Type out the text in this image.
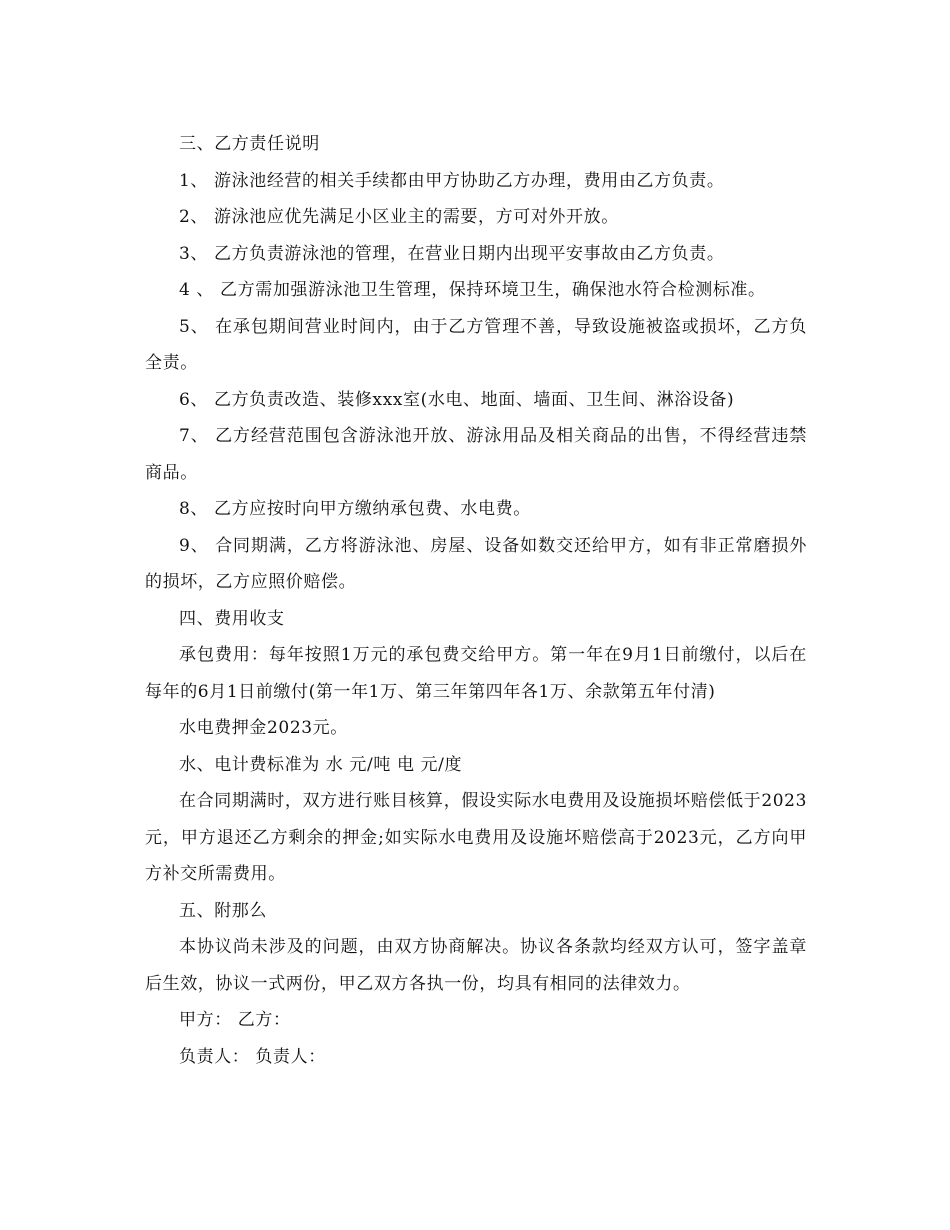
三、乙方责任说明

1、 游泳池经营的相关手续都由甲方协助乙方办理，费用由乙方负责。

2、 游泳池应优先满足小区业主的需要，方可对外开放。

3、 乙方负责游泳池的管理，在营业日期内出现平安事故由乙方负责。

4 、 乙方需加强游泳池卫生管理，保持环境卫生，确保池水符合检测标准。

5、 在承包期间营业时间内，由于乙方管理不善，导致设施被盗或损坏，乙方负全责。

6、 乙方负责改造、装修xxx室(水电、地面、墙面、卫生间、淋浴设备)

7、 乙方经营范围包含游泳池开放、游泳用品及相关商品的出售，不得经营违禁商品。

8、 乙方应按时向甲方缴纳承包费、水电费。

9、 合同期满，乙方将游泳池、房屋、设备如数交还给甲方，如有非正常磨损外的损坏，乙方应照价赔偿。

四、费用收支

承包费用：每年按照1万元的承包费交给甲方。第一年在9月1日前缴付，以后在每年的6月1日前缴付(第一年1万、第三年第四年各1万、余款第五年付清)

水电费押金2023元。

水、电计费标准为 水 元/吨 电 元/度

在合同期满时，双方进行账目核算，假设实际水电费用及设施损坏赔偿低于2023元，甲方退还乙方剩余的押金;如实际水电费用及设施坏赔偿高于2023元，乙方向甲方补交所需费用。

五、附那么

本协议尚未涉及的问题，由双方协商解决。协议各条款均经双方认可，签字盖章后生效，协议一式两份，甲乙双方各执一份，均具有相同的法律效力。

甲方： 乙方：

负责人： 负责人：
